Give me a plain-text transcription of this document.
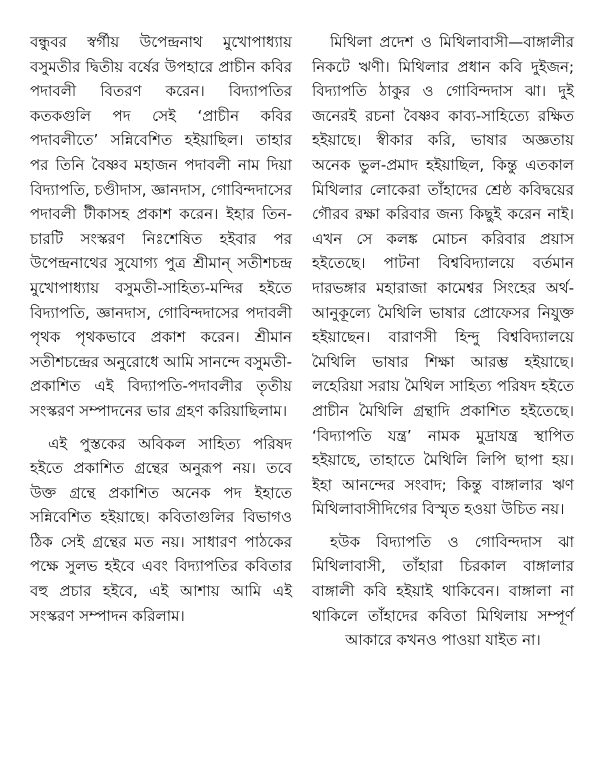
বন্ধুবর স্বর্গীয় উপেন্দ্রনাথ মুখোপাধ্যায় বসুমতীর দ্বিতীয় বর্ষের উপহারে প্রাচীন কবির পদাবলী বিতরণ করেন। বিদ্যাপতির কতকগুলি পদ সেই ‘প্রাচীন কবির পদাবলীতে’ সন্নিবেশিত হইয়াছিল। তাহার পর তিনি বৈষ্ণব মহাজন পদাবলী নাম দিয়া বিদ্যাপতি, চণ্ডীদাস, জ্ঞানদাস, গোবিন্দদাসের পদাবলী টীকাসহ প্রকাশ করেন। ইহার তিন-চারটি সংস্করণ নিঃশেষিত হইবার পর উপেন্দ্রনাথের সুযোগ্য পুত্র শ্রীমান্ সতীশচন্দ্র মুখোপাধ্যায় বসুমতী-সাহিত্য-মন্দির হইতে বিদ্যাপতি, জ্ঞানদাস, গোবিন্দদাসের পদাবলী পৃথক পৃথকভাবে প্রকাশ করেন। শ্রীমান সতীশচন্দ্রের অনুরোধে আমি সানন্দে বসুমতী-প্রকাশিত এই বিদ্যাপতি-পদাবলীর তৃতীয় সংস্করণ সম্পাদনের ভার গ্রহণ করিয়াছিলাম।

এই পুস্তকের অবিকল সাহিত্য পরিষদ হইতে প্রকাশিত গ্রন্থের অনুরূপ নয়। তবে উক্ত গ্রন্থে প্রকাশিত অনেক পদ ইহাতে সন্নিবেশিত হইয়াছে। কবিতাগুলির বিভাগও ঠিক সেই গ্রন্থের মত নয়। সাধারণ পাঠকের পক্ষে সুলভ হইবে এবং বিদ্যাপতির কবিতার বহু প্রচার হইবে, এই আশায় আমি এই সংস্করণ সম্পাদন করিলাম।

মিথিলা প্রদেশ ও মিথিলাবাসী—বাঙ্গালীর নিকটে ঋণী। মিথিলার প্রধান কবি দুইজন; বিদ্যাপতি ঠাকুর ও গোবিন্দদাস ঝা। দুই জনেরই রচনা বৈষ্ণব কাব্য-সাহিত্যে রক্ষিত হইয়াছে। স্বীকার করি, ভাষার অজ্ঞতায় অনেক ভুল-প্রমাদ হইয়াছিল, কিন্তু এতকাল মিথিলার লোকেরা তাঁহাদের শ্রেষ্ঠ কবিদ্বয়ের গৌরব রক্ষা করিবার জন্য কিছুই করেন নাই। এখন সে কলঙ্ক মোচন করিবার প্রয়াস হইতেছে। পাটনা বিশ্ববিদ্যালয়ে বর্তমান দারভঙ্গার মহারাজা কামেশ্বর সিংহের অর্থ-আনুকূল্যে মৈথিলি ভাষার প্রোফেসর নিযুক্ত হইয়াছেন। বারাণসী হিন্দু বিশ্ববিদ্যালয়ে মৈথিলি ভাষার শিক্ষা আরম্ভ হইয়াছে। লহেরিয়া সরায় মৈথিল সাহিত্য পরিষদ হইতে প্রাচীন মৈথিলি গ্রন্থাদি প্রকাশিত হইতেছে। ‘বিদ্যাপতি যন্ত্র’ নামক মুদ্রাযন্ত্র স্থাপিত হইয়াছে, তাহাতে মৈথিলি লিপি ছাপা হয়। ইহা আনন্দের সংবাদ; কিন্তু বাঙ্গালার ঋণ মিথিলাবাসীদিগের বিস্মৃত হওয়া উচিত নয়।

হউক বিদ্যাপতি ও গোবিন্দদাস ঝা মিথিলাবাসী, তাঁহারা চিরকাল বাঙ্গালার বাঙ্গালী কবি হইয়াই থাকিবেন। বাঙ্গালা না থাকিলে তাঁহাদের কবিতা মিথিলায় সম্পূর্ণ আকারে কখনও পাওয়া যাইত না।
